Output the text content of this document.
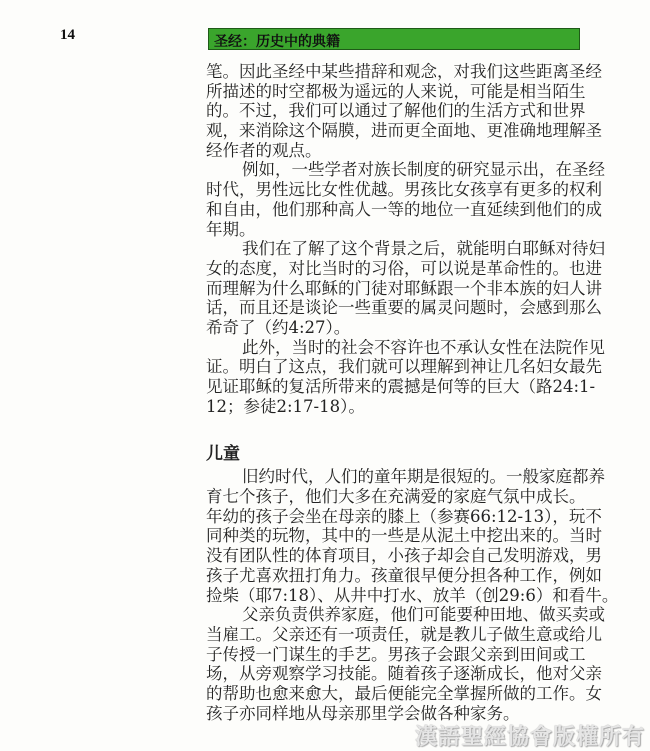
14	圣经：历史中的典籍
笔。因此圣经中某些措辞和观念，对我们这些距离圣经
所描述的时空都极为遥远的人来说，可能是相当陌生
的。不过，我们可以通过了解他们的生活方式和世界
观，来消除这个隔膜，进而更全面地、更准确地理解圣
经作者的观点。
例如，一些学者对族长制度的研究显示出，在圣经
时代，男性远比女性优越。男孩比女孩享有更多的权利
和自由，他们那种高人一等的地位一直延续到他们的成
年期。
我们在了解了这个背景之后，就能明白耶稣对待妇
女的态度，对比当时的习俗，可以说是革命性的。也进
而理解为什么耶稣的门徒对耶稣跟一个非本族的妇人讲
话，而且还是谈论一些重要的属灵问题时，会感到那么
希奇了（约4:27）。
此外，当时的社会不容许也不承认女性在法院作见
证。明白了这点，我们就可以理解到神让几名妇女最先
见证耶稣的复活所带来的震撼是何等的巨大（路24:1-
12；参徒2:17-18）。
儿童
旧约时代，人们的童年期是很短的。一般家庭都养
育七个孩子，他们大多在充满爱的家庭气氛中成长。
年幼的孩子会坐在母亲的膝上（参赛66:12-13），玩不
同种类的玩物，其中的一些是从泥土中挖出来的。当时
没有团队性的体育项目，小孩子却会自己发明游戏，男
孩子尤喜欢扭打角力。孩童很早便分担各种工作，例如
捡柴（耶7:18）、从井中打水、放羊（创29:6）和看牛。
父亲负责供养家庭，他们可能要种田地、做买卖或
当雇工。父亲还有一项责任，就是教儿子做生意或给儿
子传授一门谋生的手艺。男孩子会跟父亲到田间或工
场，从旁观察学习技能。随着孩子逐渐成长，他对父亲
的帮助也愈来愈大，最后便能完全掌握所做的工作。女
孩子亦同样地从母亲那里学会做各种家务。
漢語聖經協會版權所有
